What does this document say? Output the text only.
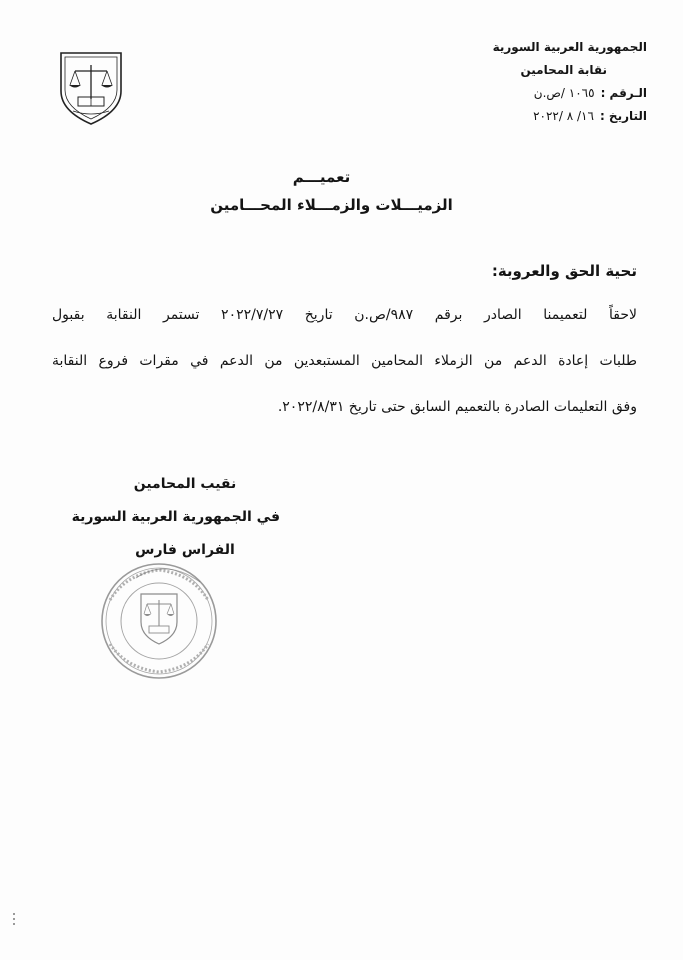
الجمهورية العربية السورية
نقابة المحامين
الـرقم :١٠٦٥ /ص.ن
التاريخ :١٦/ ٨ /٢٠٢٢
تعميـــم
الزميـــلات والزمـــلاء المحـــامين
تحية الحق والعروبة:
لاحقاً لتعميمنا الصادر برقم ٩٨٧/ص.ن تاريخ ٢٠٢٢/٧/٢٧ تستمر النقابة بقبول
طلبات إعادة الدعم من الزملاء المحامين المستبعدين من الدعم في مقرات فروع النقابة
وفق التعليمات الصادرة بالتعميم السابق حتى تاريخ ٢٠٢٢/٨/٣١.
نقيب المحامين
في الجمهورية العربية السورية
الفراس فارس
